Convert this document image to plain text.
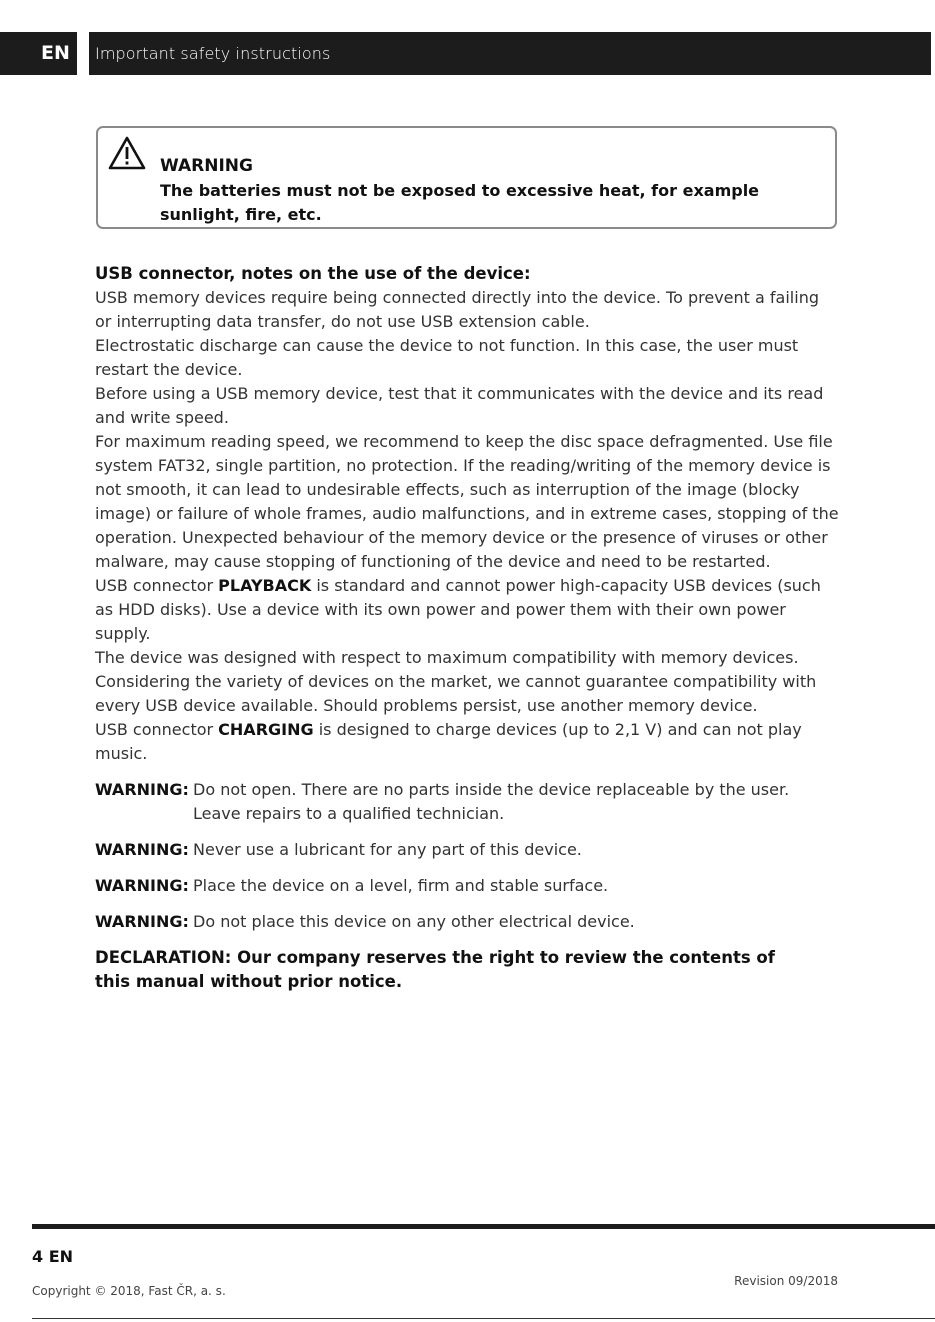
EN	Important safety instructions
WARNING
The batteries must not be exposed to excessive heat, for example sunlight, fire, etc.
USB connector, notes on the use of the device:
USB memory devices require being connected directly into the device. To prevent a failing or interrupting data transfer, do not use USB extension cable.
Electrostatic discharge can cause the device to not function. In this case, the user must restart the device.
Before using a USB memory device, test that it communicates with the device and its read and write speed.
For maximum reading speed, we recommend to keep the disc space defragmented. Use file system FAT32, single partition, no protection. If the reading/writing of the memory device is not smooth, it can lead to undesirable effects, such as interruption of the image (blocky image) or failure of whole frames, audio malfunctions, and in extreme cases, stopping of the operation. Unexpected behaviour of the memory device or the presence of viruses or other malware, may cause stopping of functioning of the device and need to be restarted.
USB connector PLAYBACK is standard and cannot power high-capacity USB devices (such as HDD disks). Use a device with its own power and power them with their own power supply.
The device was designed with respect to maximum compatibility with memory devices. Considering the variety of devices on the market, we cannot guarantee compatibility with every USB device available. Should problems persist, use another memory device.
USB connector CHARGING is designed to charge devices (up to 2,1 V) and can not play music.
WARNING: Do not open. There are no parts inside the device replaceable by the user. Leave repairs to a qualified technician.
WARNING: Never use a lubricant for any part of this device.
WARNING: Place the device on a level, firm and stable surface.
WARNING: Do not place this device on any other electrical device.
DECLARATION: Our company reserves the right to review the contents of this manual without prior notice.
4 EN
Copyright © 2018, Fast ČR, a. s.
Revision 09/2018
